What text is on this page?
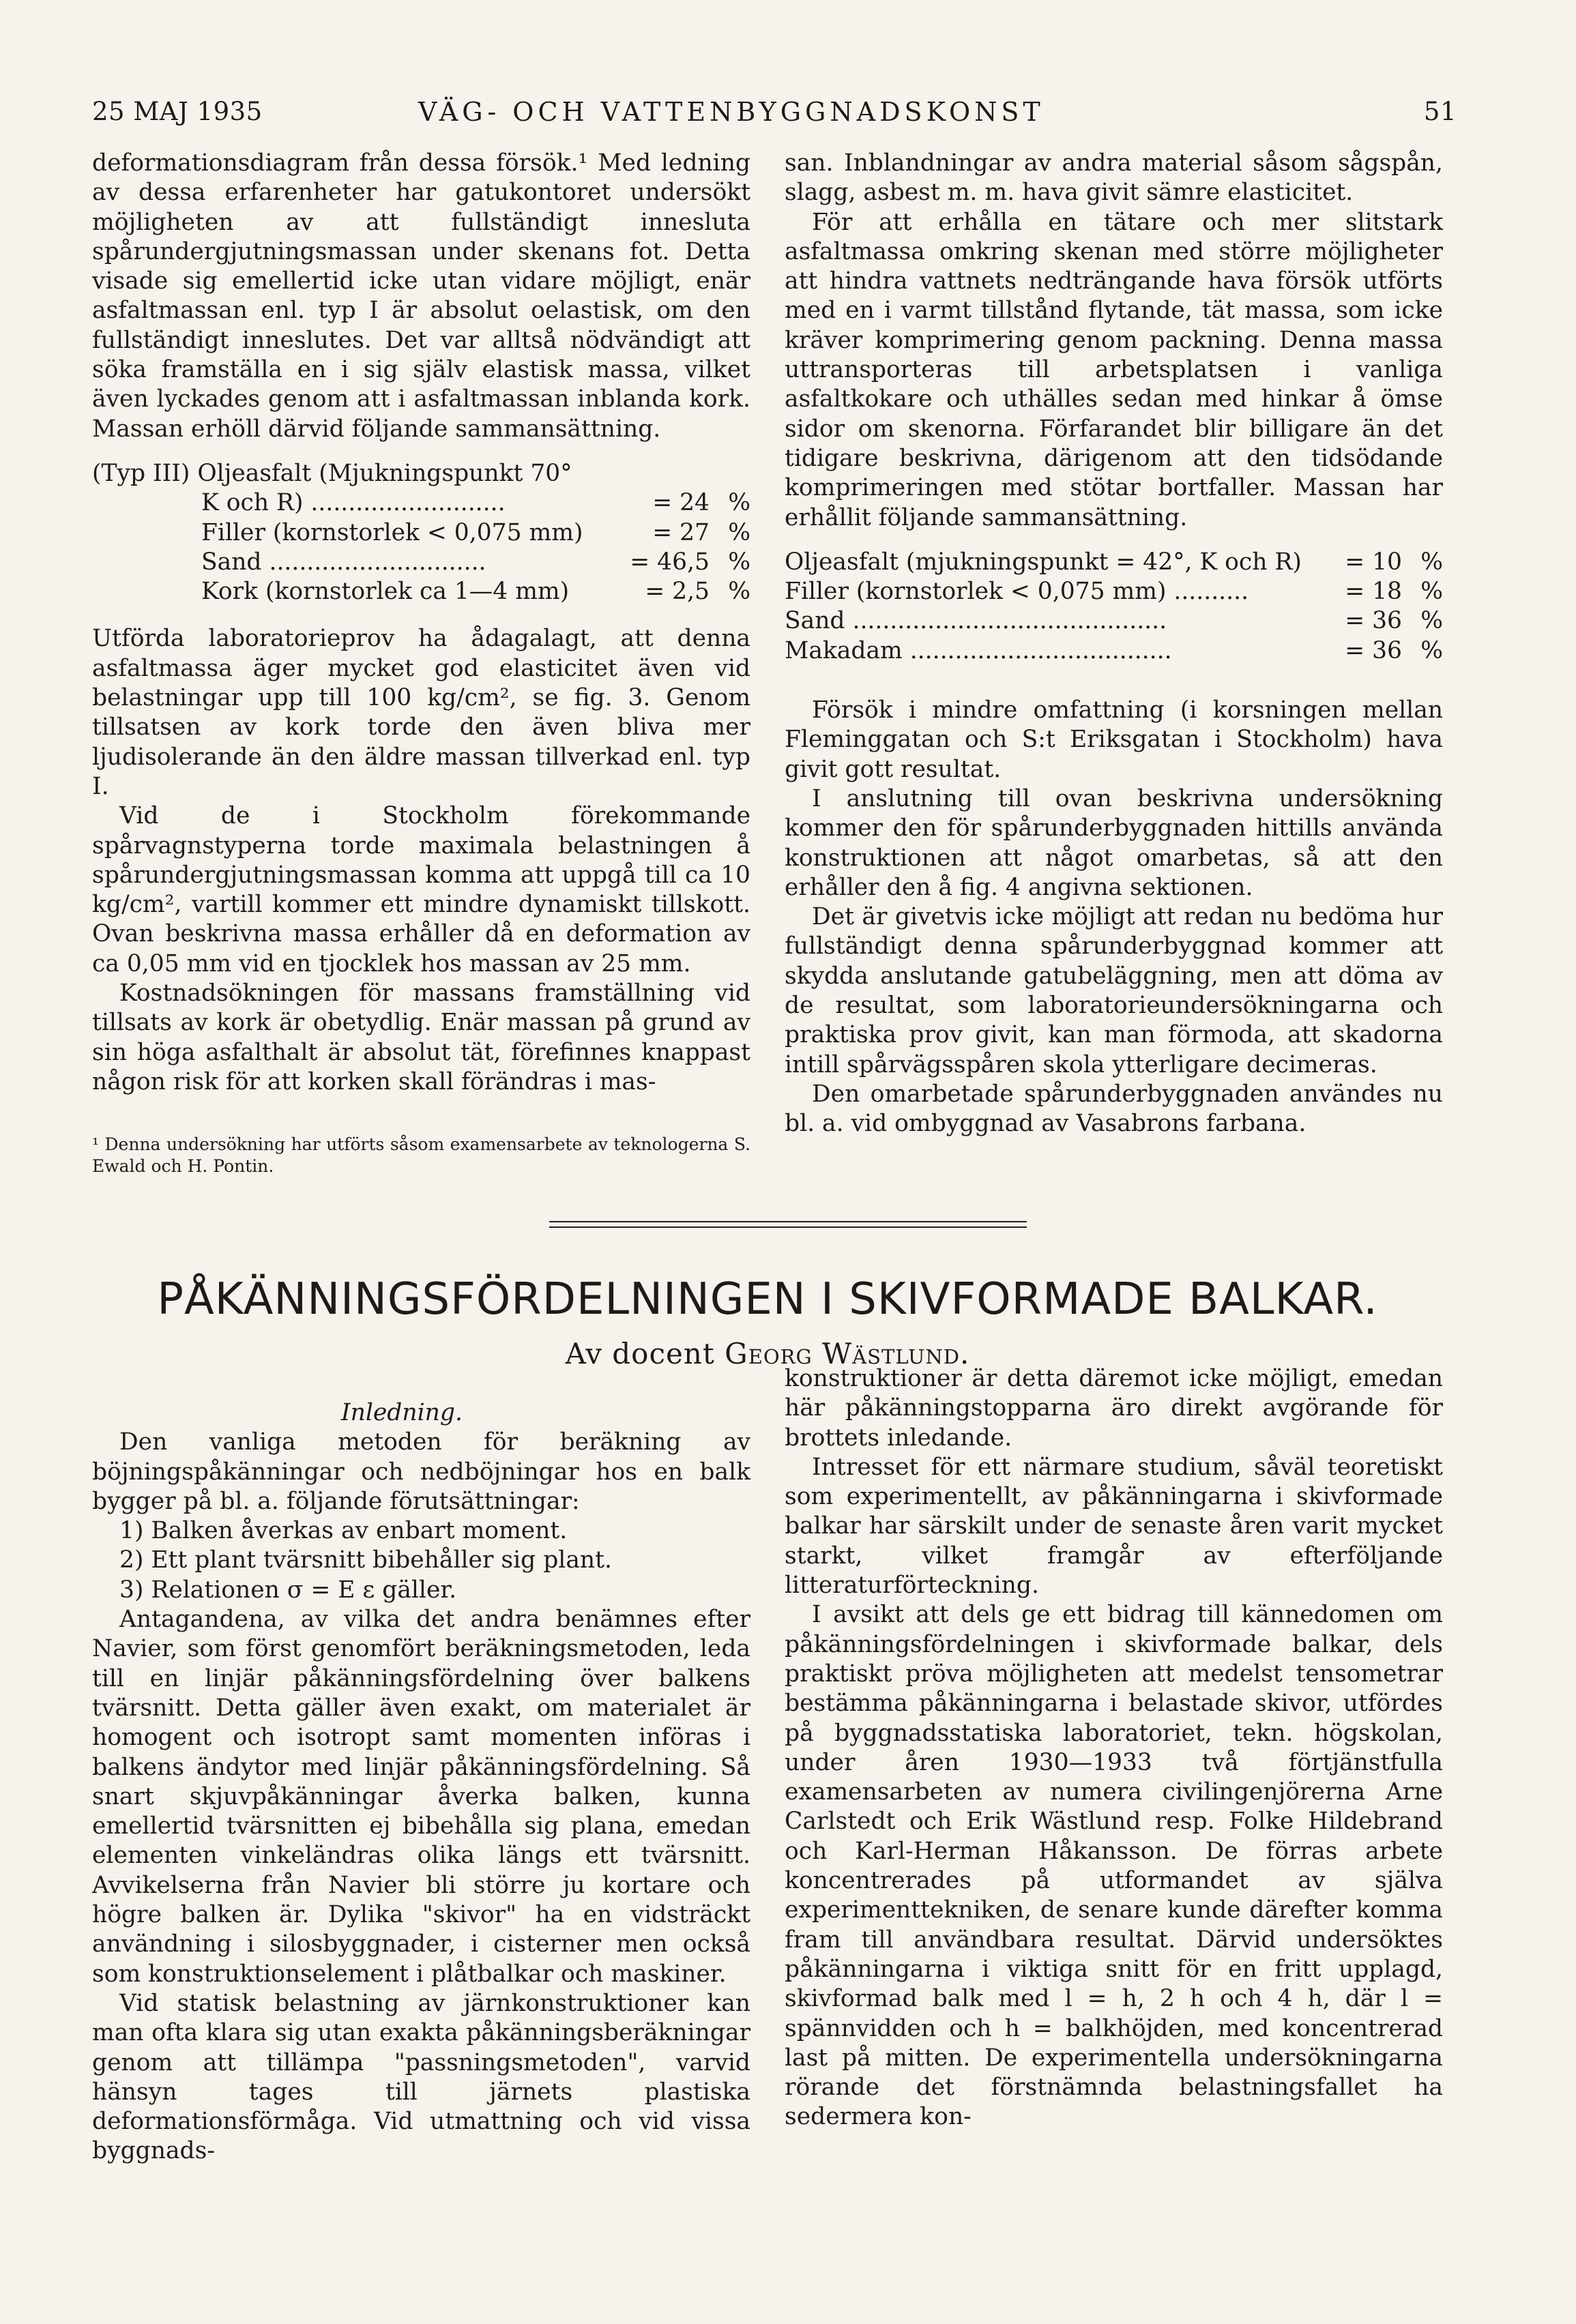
25 MAJ 1935	VÄG- OCH VATTENBYGGNADSKONST	51

deformationsdiagram från dessa försök.¹ Med ledning av dessa erfarenheter har gatukontoret undersökt möjligheten av att fullständigt innesluta spårundergjutningsmassan under skenans fot. Detta visade sig emellertid icke utan vidare möjligt, enär asfaltmassan enl. typ I är absolut oelastisk, om den fullständigt inneslutes. Det var alltså nödvändigt att söka framställa en i sig själv elastisk massa, vilket även lyckades genom att i asfaltmassan inblanda kork. Massan erhöll därvid följande sammansättning.

(Typ III) Oljeasfalt (Mjukningspunkt 70°
K och R) ..........................	= 24 %
Filler (kornstorlek < 0,075 mm)	= 27 %
Sand .............................	= 46,5 %
Kork (kornstorlek ca 1—4 mm)	= 2,5 %

Utförda laboratorieprov ha ådagalagt, att denna asfaltmassa äger mycket god elasticitet även vid belastningar upp till 100 kg/cm², se fig. 3. Genom tillsatsen av kork torde den även bliva mer ljudisolerande än den äldre massan tillverkad enl. typ I.

Vid de i Stockholm förekommande spårvagnstyperna torde maximala belastningen å spårundergjutningsmassan komma att uppgå till ca 10 kg/cm², vartill kommer ett mindre dynamiskt tillskott. Ovan beskrivna massa erhåller då en deformation av ca 0,05 mm vid en tjocklek hos massan av 25 mm.

Kostnadsökningen för massans framställning vid tillsats av kork är obetydlig. Enär massan på grund av sin höga asfalthalt är absolut tät, förefinnes knappast någon risk för att korken skall förändras i mas-

¹ Denna undersökning har utförts såsom examensarbete av teknologerna S. Ewald och H. Pontin.

san. Inblandningar av andra material såsom sågspån, slagg, asbest m. m. hava givit sämre elasticitet.

För att erhålla en tätare och mer slitstark asfaltmassa omkring skenan med större möjligheter att hindra vattnets nedträngande hava försök utförts med en i varmt tillstånd flytande, tät massa, som icke kräver komprimering genom packning. Denna massa uttransporteras till arbetsplatsen i vanliga asfaltkokare och uthälles sedan med hinkar å ömse sidor om skenorna. Förfarandet blir billigare än det tidigare beskrivna, därigenom att den tidsödande komprimeringen med stötar bortfaller. Massan har erhållit följande sammansättning.

Oljeasfalt (mjukningspunkt = 42°, K och R) = 10 %
Filler (kornstorlek < 0,075 mm) ..........	= 18 %
Sand ..........................................	= 36 %
Makadam ...................................	= 36 %

Försök i mindre omfattning (i korsningen mellan Fleminggatan och S:t Eriksgatan i Stockholm) hava givit gott resultat.

I anslutning till ovan beskrivna undersökning kommer den för spårunderbyggnaden hittills använda konstruktionen att något omarbetas, så att den erhåller den å fig. 4 angivna sektionen.

Det är givetvis icke möjligt att redan nu bedöma hur fullständigt denna spårunderbyggnad kommer att skydda anslutande gatubeläggning, men att döma av de resultat, som laboratorieundersökningarna och praktiska prov givit, kan man förmoda, att skadorna intill spårvägsspåren skola ytterligare decimeras.

Den omarbetade spårunderbyggnaden användes nu bl. a. vid ombyggnad av Vasabrons farbana.

PÅKÄNNINGSFÖRDELNINGEN I SKIVFORMADE BALKAR.
Av docent Georg Wästlund.

Inledning.

Den vanliga metoden för beräkning av böjningspåkänningar och nedböjningar hos en balk bygger på bl. a. följande förutsättningar:

1) Balken åverkas av enbart moment.

2) Ett plant tvärsnitt bibehåller sig plant.

3) Relationen σ = E ε gäller.

Antagandena, av vilka det andra benämnes efter Navier, som först genomfört beräkningsmetoden, leda till en linjär påkänningsfördelning över balkens tvärsnitt. Detta gäller även exakt, om materialet är homogent och isotropt samt momenten införas i balkens ändytor med linjär påkänningsfördelning. Så snart skjuvpåkänningar åverka balken, kunna emellertid tvärsnitten ej bibehålla sig plana, emedan elementen vinkeländras olika längs ett tvärsnitt. Avvikelserna från Navier bli större ju kortare och högre balken är. Dylika "skivor" ha en vidsträckt användning i silosbyggnader, i cisterner men också som konstruktionselement i plåtbalkar och maskiner.

Vid statisk belastning av järnkonstruktioner kan man ofta klara sig utan exakta påkänningsberäkningar genom att tillämpa "passningsmetoden", varvid hänsyn tages till järnets plastiska deformationsförmåga. Vid utmattning och vid vissa byggnads-

konstruktioner är detta däremot icke möjligt, emedan här påkänningstopparna äro direkt avgörande för brottets inledande.

Intresset för ett närmare studium, såväl teoretiskt som experimentellt, av påkänningarna i skivformade balkar har särskilt under de senaste åren varit mycket starkt, vilket framgår av efterföljande litteraturförteckning.

I avsikt att dels ge ett bidrag till kännedomen om påkänningsfördelningen i skivformade balkar, dels praktiskt pröva möjligheten att medelst tensometrar bestämma påkänningarna i belastade skivor, utfördes på byggnadsstatiska laboratoriet, tekn. högskolan, under åren 1930—1933 två förtjänstfulla examensarbeten av numera civilingenjörerna Arne Carlstedt och Erik Wästlund resp. Folke Hildebrand och Karl-Herman Håkansson. De förras arbete koncentrerades på utformandet av själva experimenttekniken, de senare kunde därefter komma fram till användbara resultat. Därvid undersöktes påkänningarna i viktiga snitt för en fritt upplagd, skivformad balk med l = h, 2 h och 4 h, där l = spännvidden och h = balkhöjden, med koncentrerad last på mitten. De experimentella undersökningarna rörande det förstnämnda belastningsfallet ha sedermera kon-
